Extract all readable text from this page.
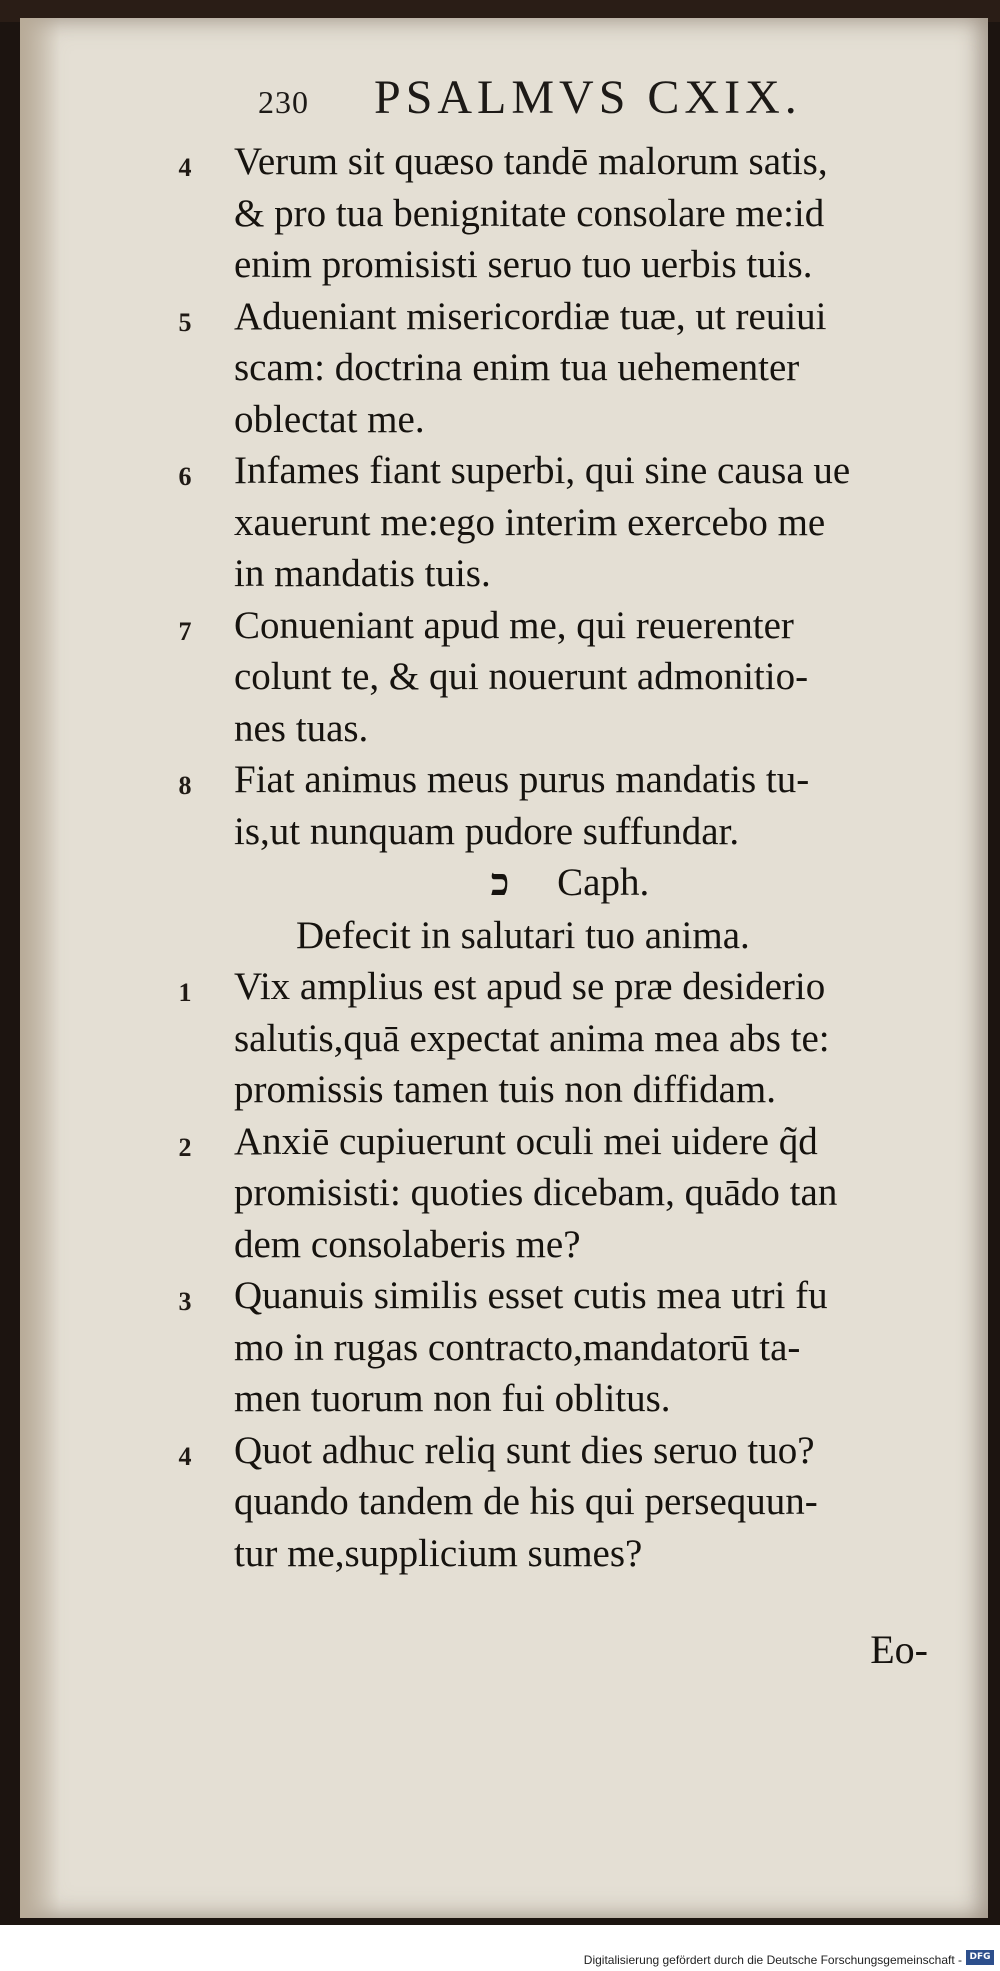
230 PSALMVS CXIX.
4 Verum sit quæso tandē malorum satis,
& pro tua benignitate consolare me:id
enim promisisti seruo tuo uerbis tuis.
5 Adueniant misericordiæ tuæ, ut reuiui
scam: doctrina enim tua uehementer
oblectat me.
6 Infames fiant superbi, qui sine causa ue
xauerunt me:ego interim exercebo me
in mandatis tuis.
7 Conueniant apud me, qui reuerenter
colunt te, & qui nouerunt admonitio-
nes tuas.
8 Fiat animus meus purus mandatis tu-
is,ut nunquam pudore suffundar.
כ Caph.
Defecit in salutari tuo anima.
1 Vix amplius est apud se præ desiderio
salutis,quā expectat anima mea abs te:
promissis tamen tuis non diffidam.
2 Anxiē cupiuerunt oculi mei uidere q̃d
promisisti: quoties dicebam, quādo tan
dem consolaberis me?
3 Quanuis similis esset cutis mea utri fu
mo in rugas contracto,mandatorū ta-
men tuorum non fui oblitus.
4 Quot adhuc reliq sunt dies seruo tuo?
quando tandem de his qui persequun-
tur me,supplicium sumes?
Eo-
Digitalisierung gefördert durch die Deutsche Forschungsgemeinschaft - DFG
